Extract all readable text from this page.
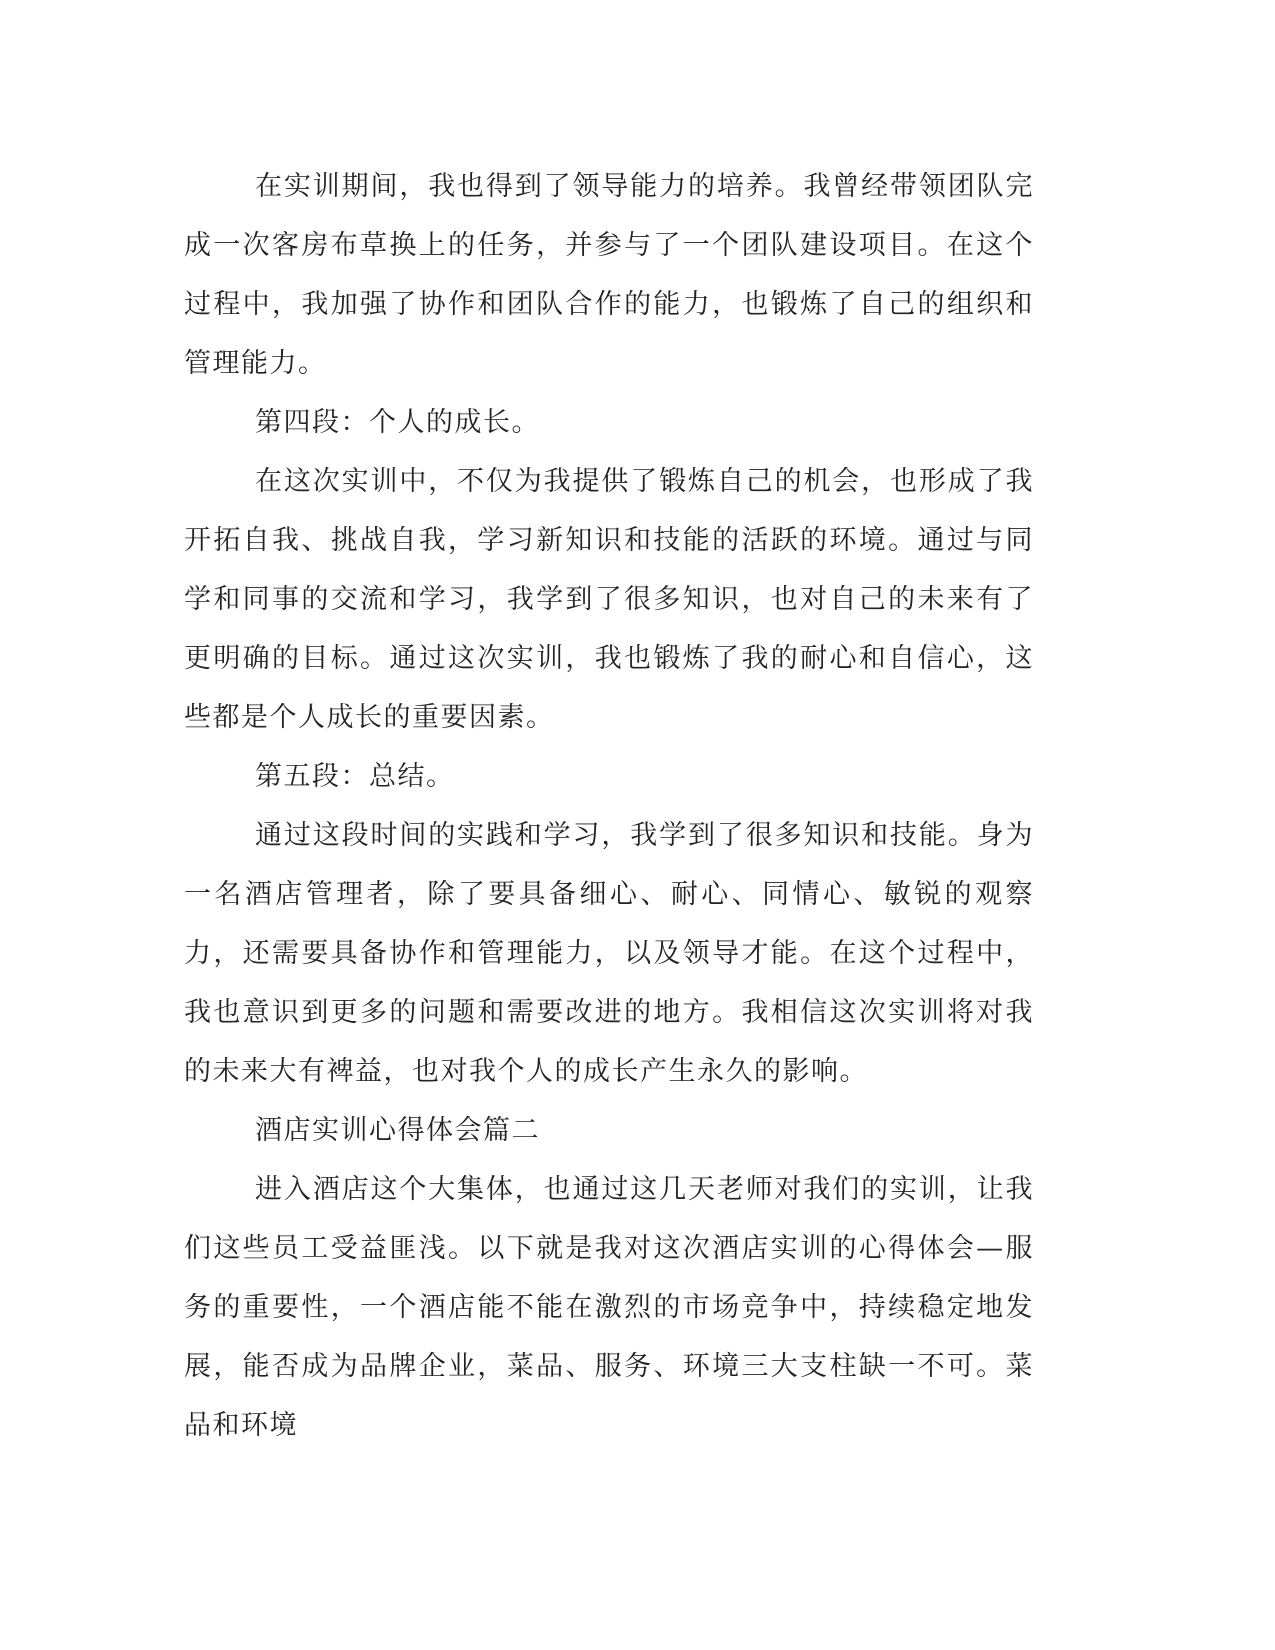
在实训期间，我也得到了领导能力的培养。我曾经带领团队完成一次客房布草换上的任务，并参与了一个团队建设项目。在这个过程中，我加强了协作和团队合作的能力，也锻炼了自己的组织和管理能力。

第四段：个人的成长。

在这次实训中，不仅为我提供了锻炼自己的机会，也形成了我开拓自我、挑战自我，学习新知识和技能的活跃的环境。通过与同学和同事的交流和学习，我学到了很多知识，也对自己的未来有了更明确的目标。通过这次实训，我也锻炼了我的耐心和自信心，这些都是个人成长的重要因素。

第五段：总结。

通过这段时间的实践和学习，我学到了很多知识和技能。身为一名酒店管理者，除了要具备细心、耐心、同情心、敏锐的观察力，还需要具备协作和管理能力，以及领导才能。在这个过程中，我也意识到更多的问题和需要改进的地方。我相信这次实训将对我的未来大有裨益，也对我个人的成长产生永久的影响。

酒店实训心得体会篇二

进入酒店这个大集体，也通过这几天老师对我们的实训，让我们这些员工受益匪浅。以下就是我对这次酒店实训的心得体会—服务的重要性，一个酒店能不能在激烈的市场竞争中，持续稳定地发展，能否成为品牌企业，菜品、服务、环境三大支柱缺一不可。菜品和环境
